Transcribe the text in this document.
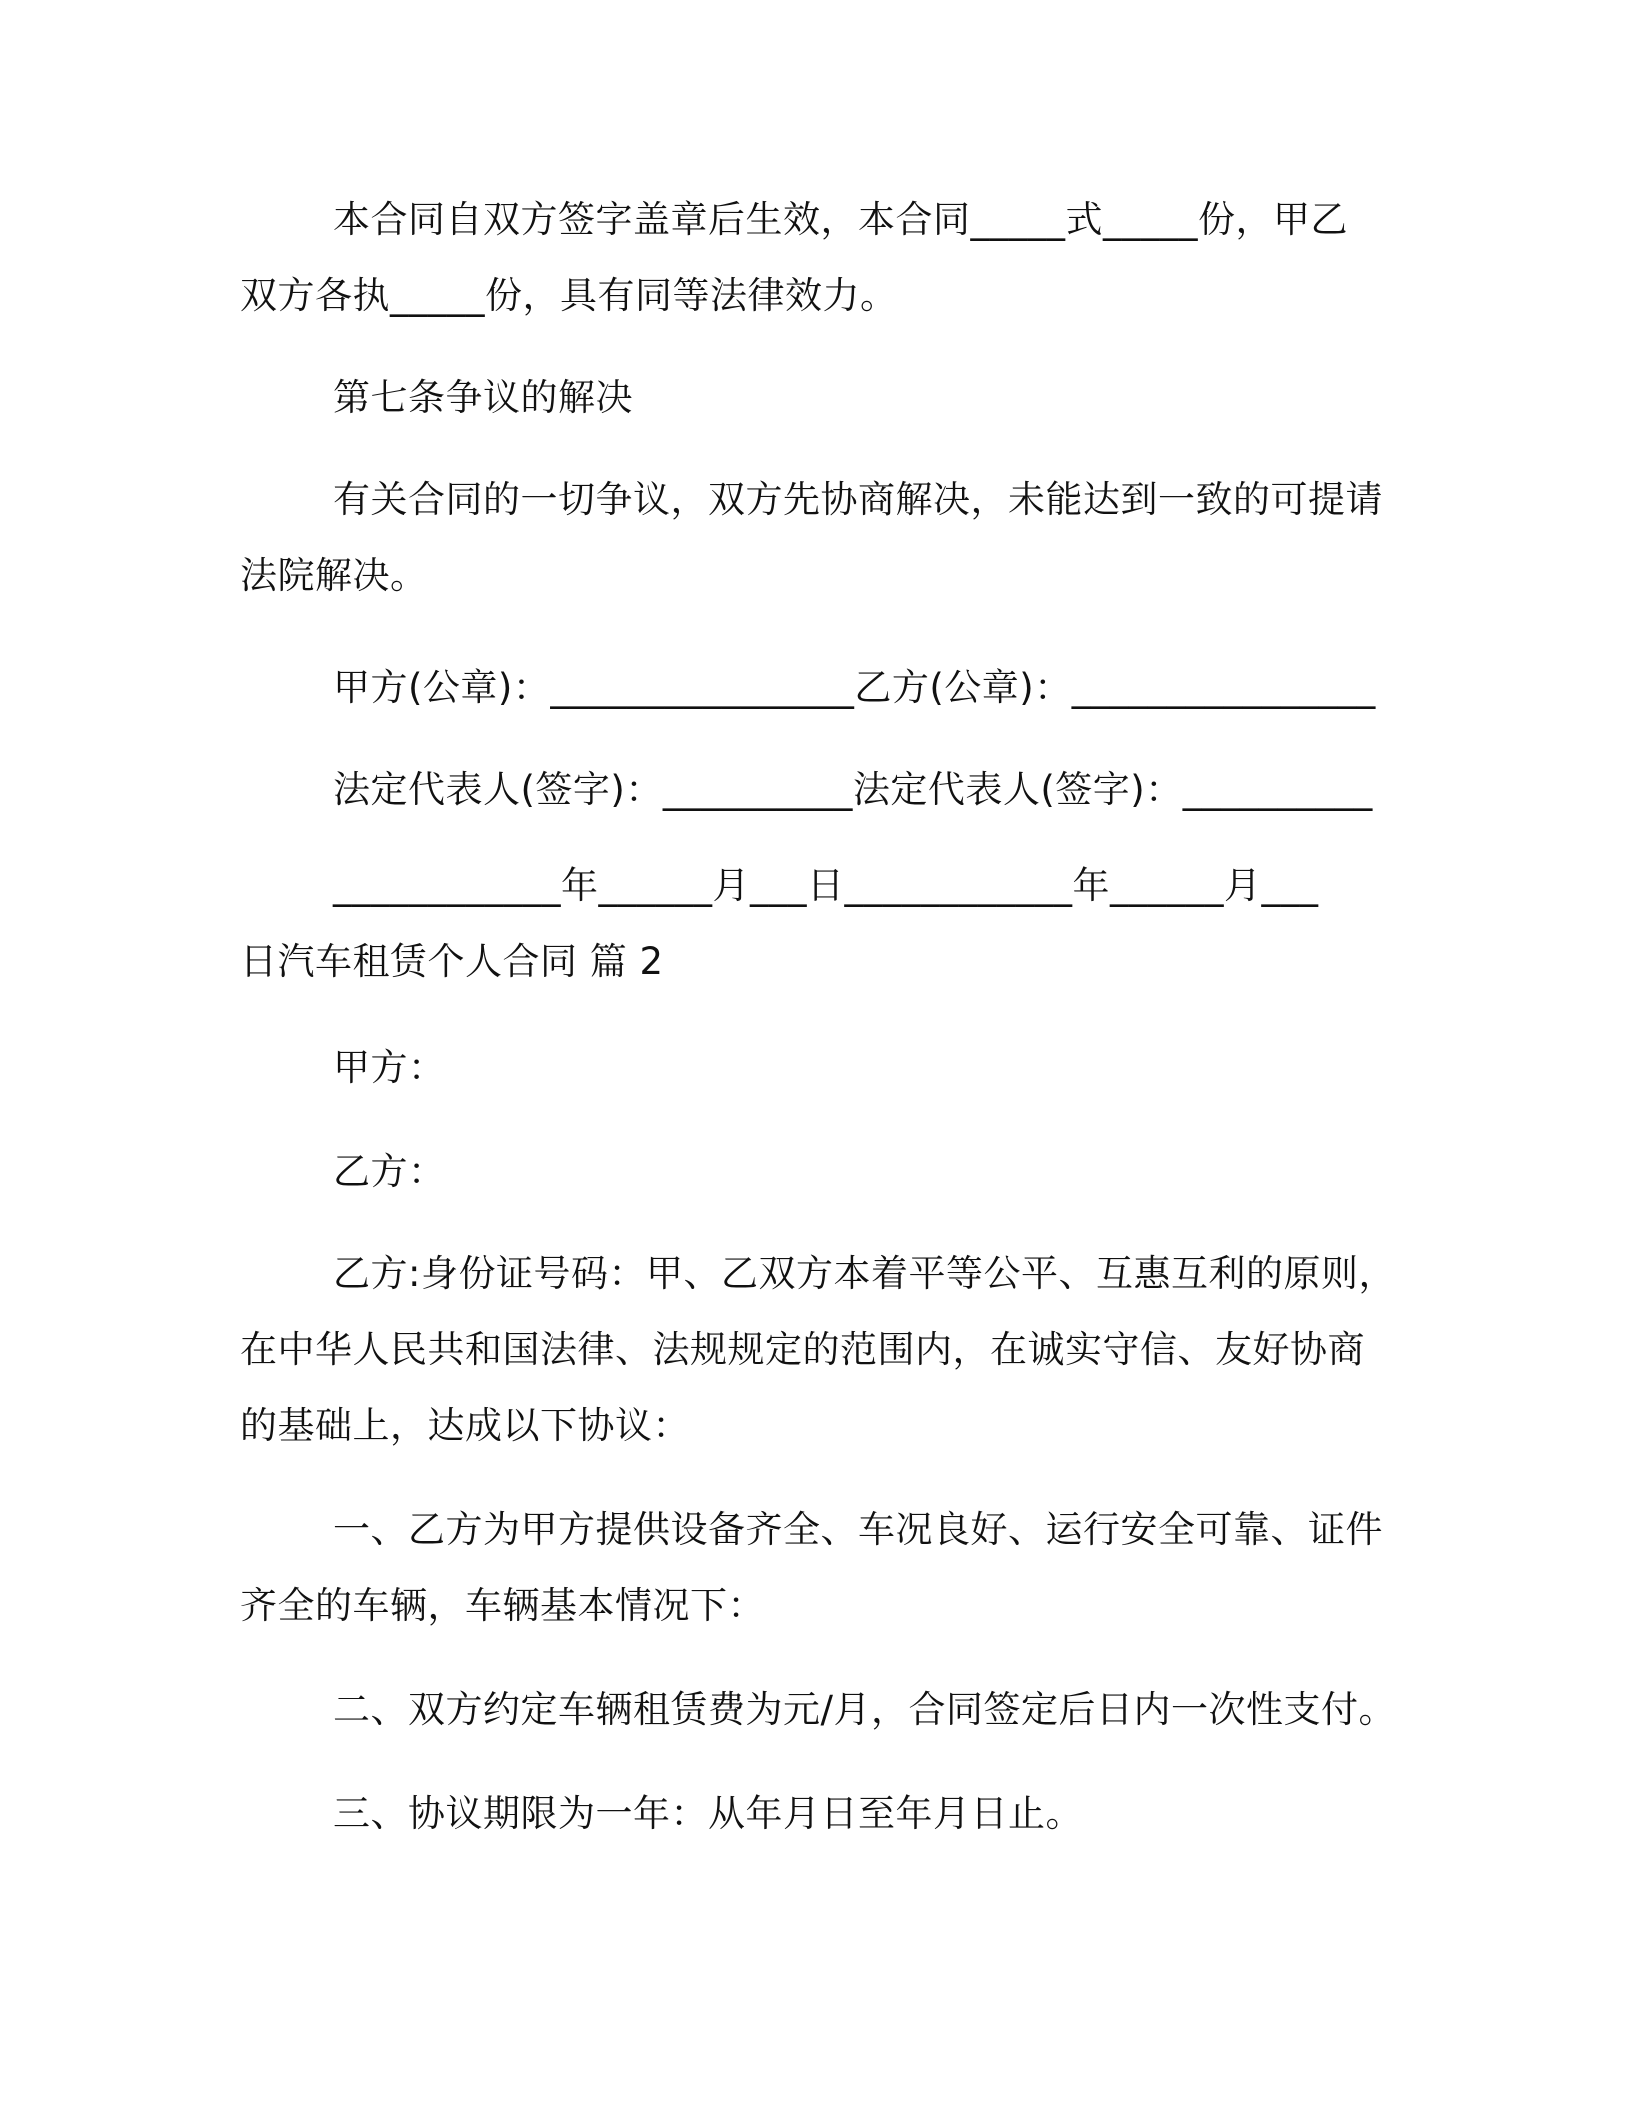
本合同自双方签字盖章后生效，本合同_____式_____份，甲乙
双方各执_____份，具有同等法律效力。
第七条争议的解决
有关合同的一切争议，双方先协商解决，未能达到一致的可提请
法院解决。
甲方(公章)：________________乙方(公章)：________________
法定代表人(签字)：__________法定代表人(签字)：__________
____________年______月___日____________年______月___
日汽车租赁个人合同 篇 2
甲方：
乙方：
乙方:身份证号码：甲、乙双方本着平等公平、互惠互利的原则，
在中华人民共和国法律、法规规定的范围内，在诚实守信、友好协商
的基础上，达成以下协议：
一、乙方为甲方提供设备齐全、车况良好、运行安全可靠、证件
齐全的车辆，车辆基本情况下：
二、双方约定车辆租赁费为元/月，合同签定后日内一次性支付。
三、协议期限为一年：从年月日至年月日止。
